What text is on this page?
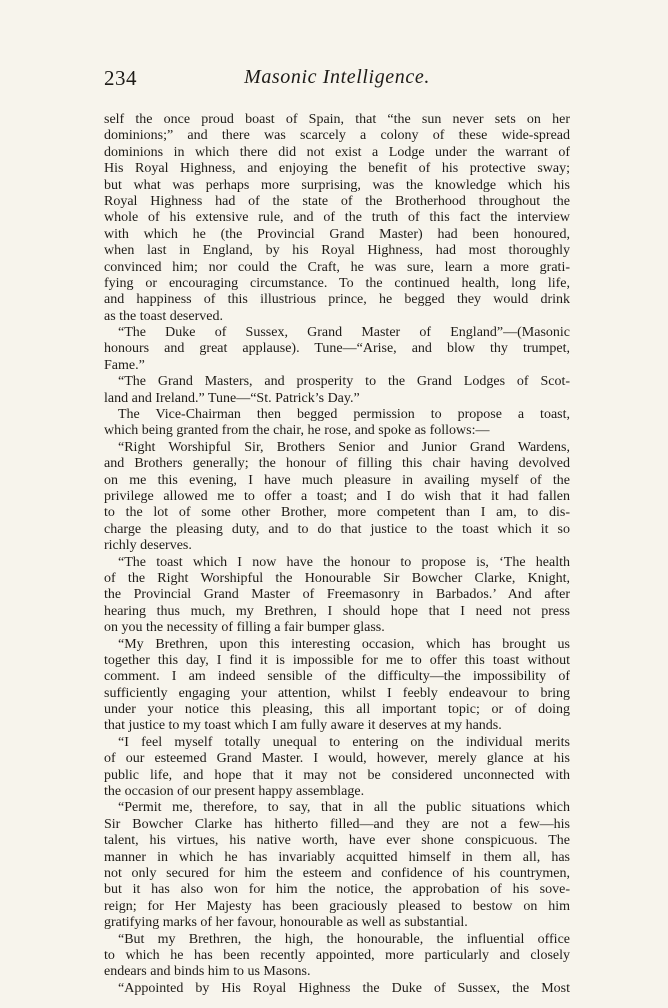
234	Masonic Intelligence.
self the once proud boast of Spain, that “the sun never sets on her
dominions;” and there was scarcely a colony of these wide-spread
dominions in which there did not exist a Lodge under the warrant of
His Royal Highness, and enjoying the benefit of his protective sway;
but what was perhaps more surprising, was the knowledge which his
Royal Highness had of the state of the Brotherhood throughout the
whole of his extensive rule, and of the truth of this fact the interview
with which he (the Provincial Grand Master) had been honoured,
when last in England, by his Royal Highness, had most thoroughly
convinced him; nor could the Craft, he was sure, learn a more grati-
fying or encouraging circumstance. To the continued health, long life,
and happiness of this illustrious prince, he begged they would drink
as the toast deserved.
“The Duke of Sussex, Grand Master of England”—(Masonic
honours and great applause). Tune—“Arise, and blow thy trumpet,
Fame.”
“The Grand Masters, and prosperity to the Grand Lodges of Scot-
land and Ireland.” Tune—“St. Patrick’s Day.”
The Vice-Chairman then begged permission to propose a toast,
which being granted from the chair, he rose, and spoke as follows:—
“Right Worshipful Sir, Brothers Senior and Junior Grand Wardens,
and Brothers generally; the honour of filling this chair having devolved
on me this evening, I have much pleasure in availing myself of the
privilege allowed me to offer a toast; and I do wish that it had fallen
to the lot of some other Brother, more competent than I am, to dis-
charge the pleasing duty, and to do that justice to the toast which it so
richly deserves.
“The toast which I now have the honour to propose is, ‘The health
of the Right Worshipful the Honourable Sir Bowcher Clarke, Knight,
the Provincial Grand Master of Freemasonry in Barbados.’ And after
hearing thus much, my Brethren, I should hope that I need not press
on you the necessity of filling a fair bumper glass.
“My Brethren, upon this interesting occasion, which has brought us
together this day, I find it is impossible for me to offer this toast without
comment. I am indeed sensible of the difficulty—the impossibility of
sufficiently engaging your attention, whilst I feebly endeavour to bring
under your notice this pleasing, this all important topic; or of doing
that justice to my toast which I am fully aware it deserves at my hands.
“I feel myself totally unequal to entering on the individual merits
of our esteemed Grand Master. I would, however, merely glance at his
public life, and hope that it may not be considered unconnected with
the occasion of our present happy assemblage.
“Permit me, therefore, to say, that in all the public situations which
Sir Bowcher Clarke has hitherto filled—and they are not a few—his
talent, his virtues, his native worth, have ever shone conspicuous. The
manner in which he has invariably acquitted himself in them all, has
not only secured for him the esteem and confidence of his countrymen,
but it has also won for him the notice, the approbation of his sove-
reign; for Her Majesty has been graciously pleased to bestow on him
gratifying marks of her favour, honourable as well as substantial.
“But my Brethren, the high, the honourable, the influential office
to which he has been recently appointed, more particularly and closely
endears and binds him to us Masons.
“Appointed by His Royal Highness the Duke of Sussex, the Most
